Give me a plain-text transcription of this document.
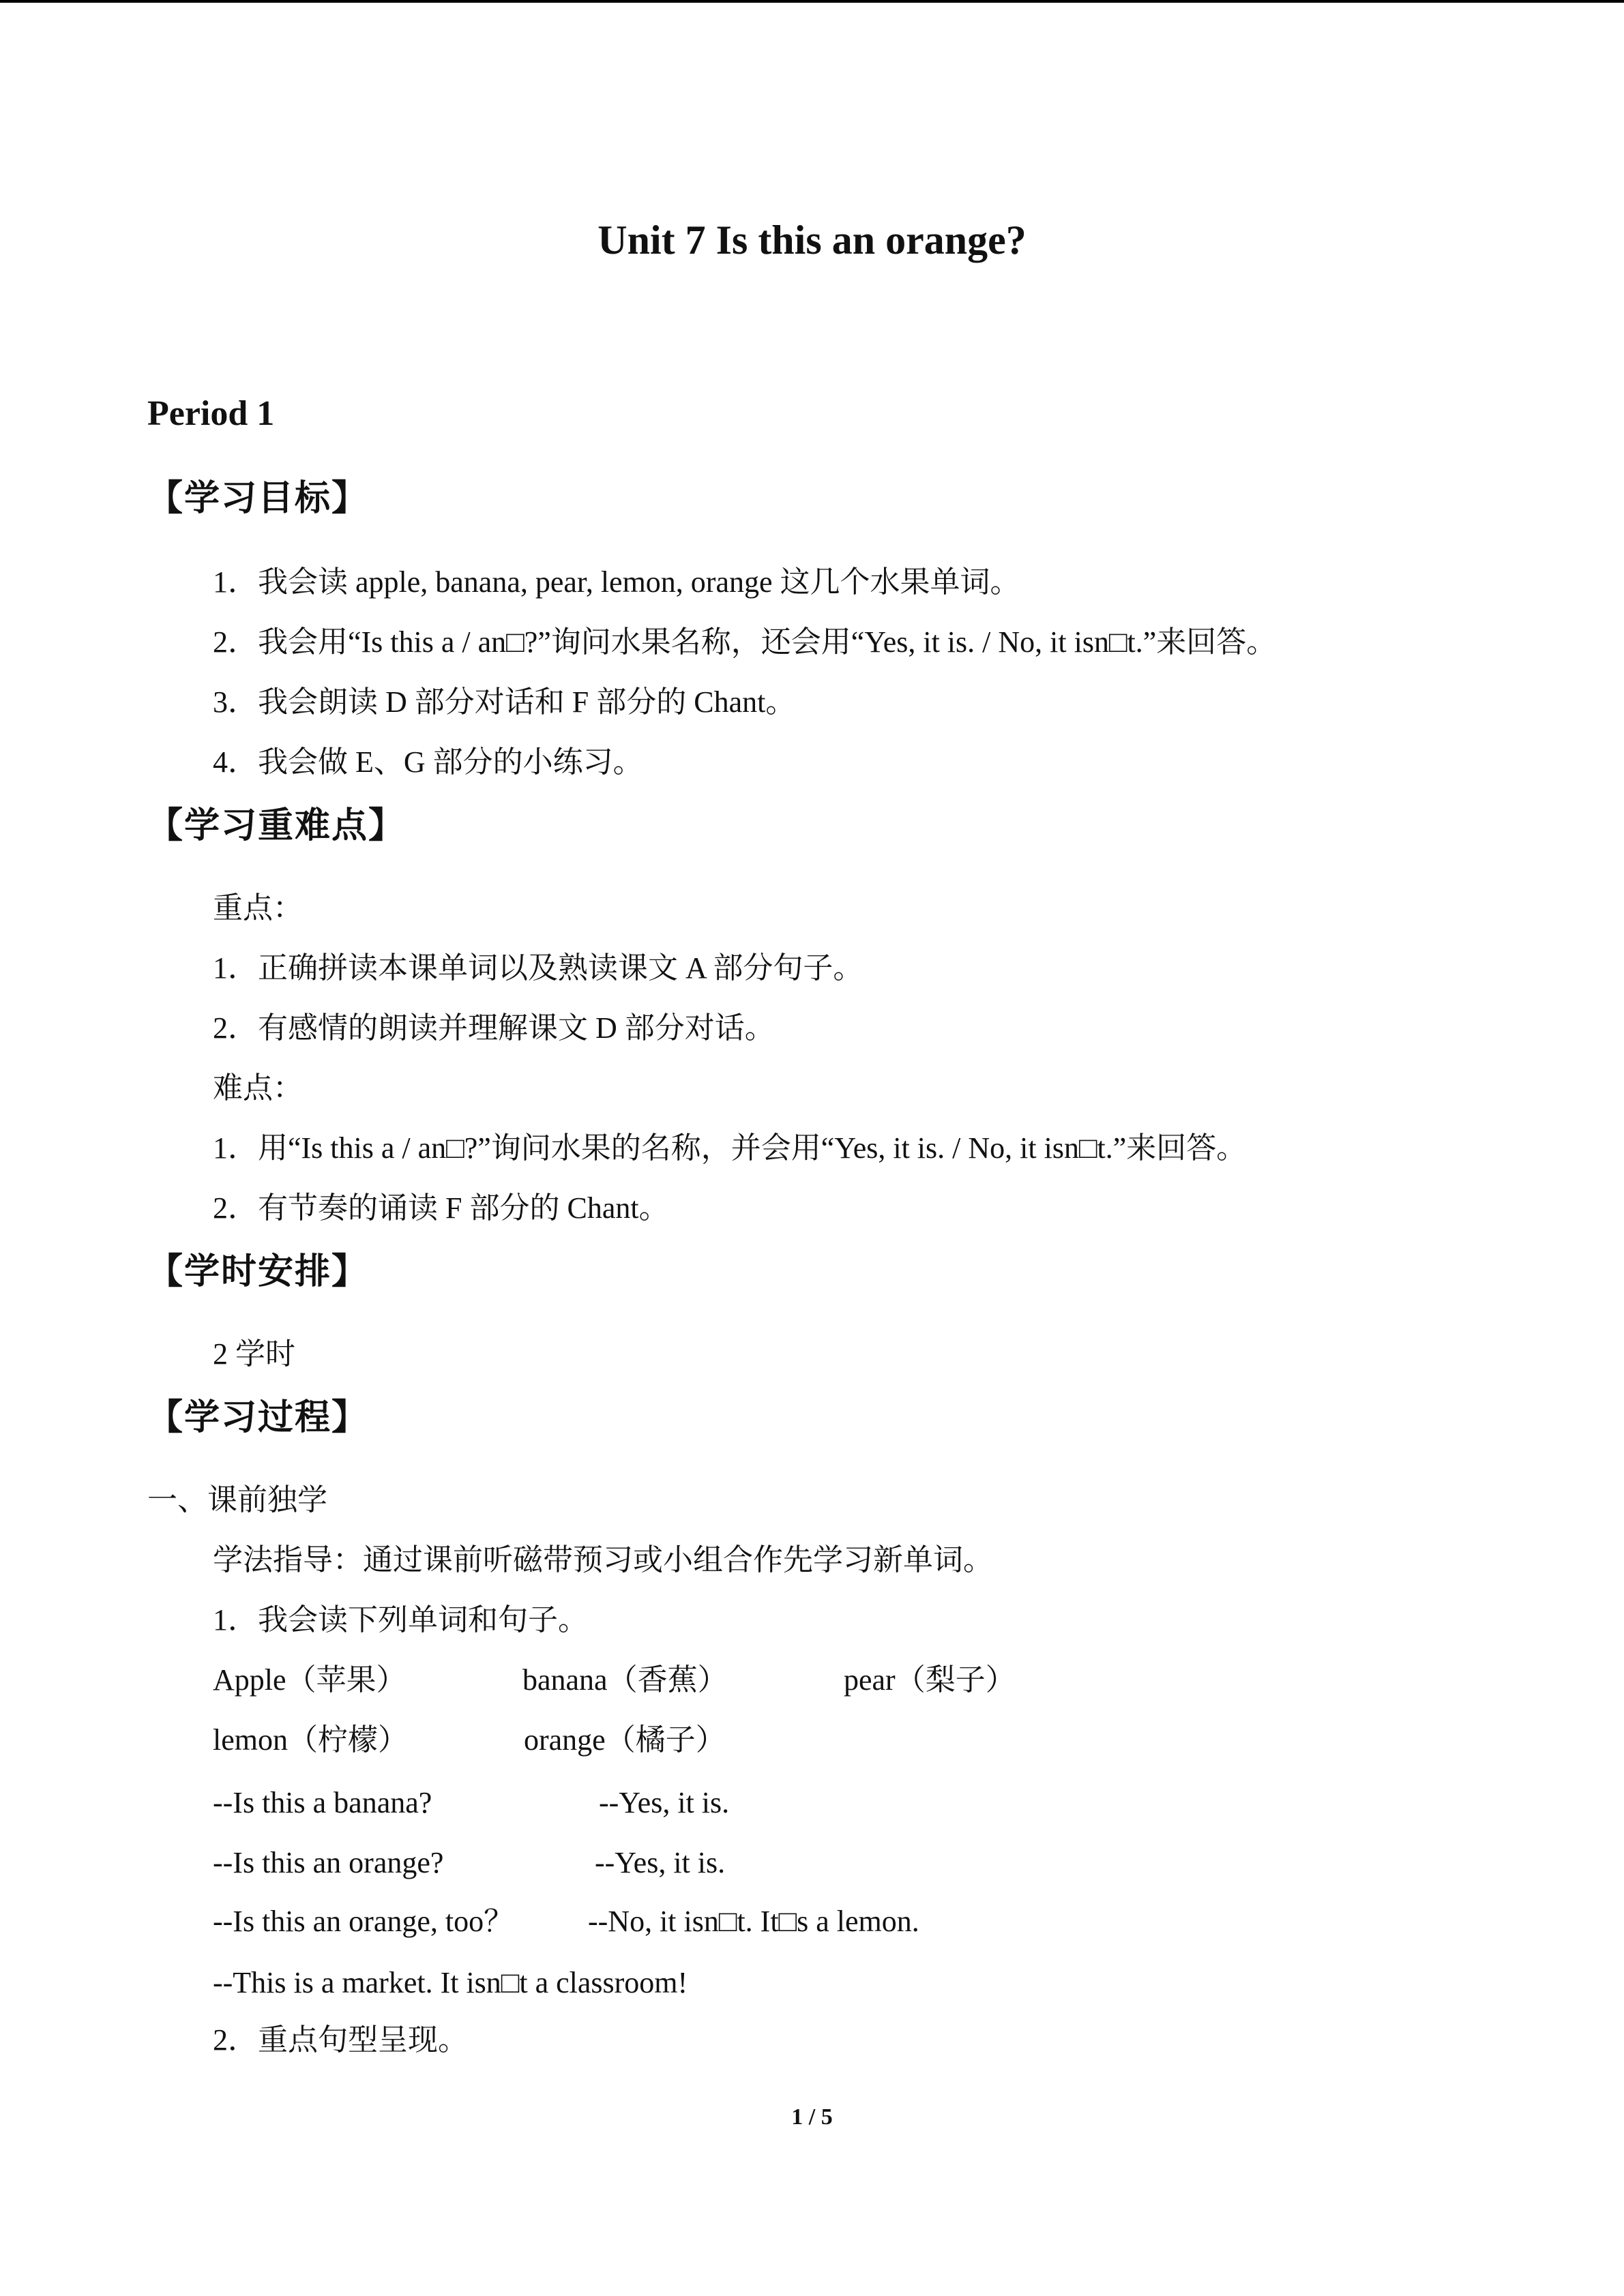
Unit 7 Is this an orange?
Period 1
【学习目标】
1．我会读 apple, banana, pear, lemon, orange 这几个水果单词。
2．我会用“Is this a / an□?”询问水果名称，还会用“Yes, it is. / No, it isn□t.”来回答。
3．我会朗读 D 部分对话和 F 部分的 Chant。
4．我会做 E、G 部分的小练习。
【学习重难点】
重点：
1．正确拼读本课单词以及熟读课文 A 部分句子。
2．有感情的朗读并理解课文 D 部分对话。
难点：
1．用“Is this a / an□?”询问水果的名称，并会用“Yes, it is. / No, it isn□t.”来回答。
2．有节奏的诵读 F 部分的 Chant。
【学时安排】
2 学时
【学习过程】
一、课前独学
学法指导：通过课前听磁带预习或小组合作先学习新单词。
1．我会读下列单词和句子。
Apple（苹果）	banana（香蕉）	pear（梨子）
lemon（柠檬）	orange（橘子）
--Is this a banana?	--Yes, it is.
--Is this an orange?	--Yes, it is.
--Is this an orange, too？ --No, it isn□t. It□s a lemon.
--This is a market. It isn□t a classroom!
2．重点句型呈现。
1 / 5
